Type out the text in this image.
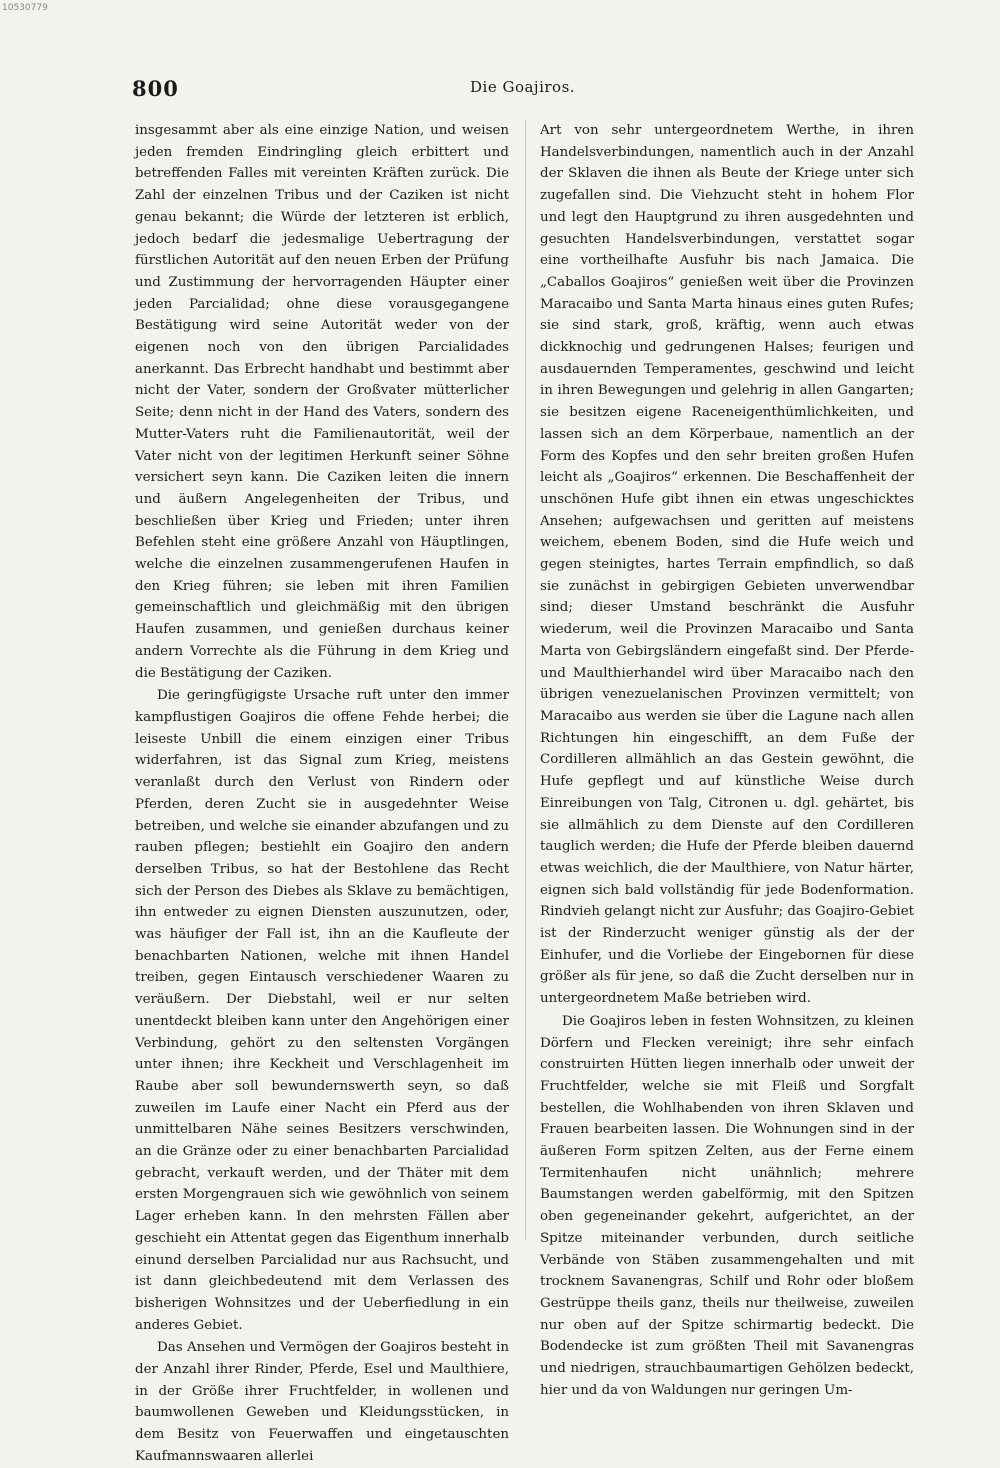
10530779
800	Die Goajiros.

insgesammt aber als eine einzige Nation, und weisen jeden fremden Eindringling gleich erbittert und betreffenden Falles mit vereinten Kräften zurück. Die Zahl der einzelnen Tribus und der Caziken ist nicht genau bekannt; die Würde der letzteren ist erblich, jedoch bedarf die jedesmalige Uebertragung der fürstlichen Autorität auf den neuen Erben der Prüfung und Zustimmung der hervorragenden Häupter einer jeden Parcialidad; ohne diese vorausgegangene Bestätigung wird seine Autorität weder von der eigenen noch von den übrigen Parcialidades anerkannt. Das Erbrecht handhabt und bestimmt aber nicht der Vater, sondern der Großvater mütterlicher Seite; denn nicht in der Hand des Vaters, sondern des Mutter-Vaters ruht die Familienautorität, weil der Vater nicht von der legitimen Herkunft seiner Söhne versichert seyn kann. Die Caziken leiten die innern und äußern Angelegenheiten der Tribus, und beschließen über Krieg und Frieden; unter ihren Befehlen steht eine größere Anzahl von Häuptlingen, welche die einzelnen zusammengerufenen Haufen in den Krieg führen; sie leben mit ihren Familien gemeinschaftlich und gleichmäßig mit den übrigen Haufen zusammen, und genießen durchaus keiner andern Vorrechte als die Führung in dem Krieg und die Bestätigung der Caziken.

Die geringfügigste Ursache ruft unter den immer kampflustigen Goajiros die offene Fehde herbei; die leiseste Unbill die einem einzigen einer Tribus widerfahren, ist das Signal zum Krieg, meistens veranlaßt durch den Verlust von Rindern oder Pferden, deren Zucht sie in ausgedehnter Weise betreiben, und welche sie einander abzufangen und zu rauben pflegen; bestiehlt ein Goajiro den andern derselben Tribus, so hat der Bestohlene das Recht sich der Person des Diebes als Sklave zu bemächtigen, ihn entweder zu eignen Diensten auszunutzen, oder, was häufiger der Fall ist, ihn an die Kaufleute der benachbarten Nationen, welche mit ihnen Handel treiben, gegen Eintausch verschiedener Waaren zu veräußern. Der Diebstahl, weil er nur selten unentdeckt bleiben kann unter den Angehörigen einer Verbindung, gehört zu den seltensten Vorgängen unter ihnen; ihre Keckheit und Verschlagenheit im Raube aber soll bewundernswerth seyn, so daß zuweilen im Laufe einer Nacht ein Pferd aus der unmittelbaren Nähe seines Besitzers verschwinden, an die Gränze oder zu einer benachbarten Parcialidad gebracht, verkauft werden, und der Thäter mit dem ersten Morgengrauen sich wie gewöhnlich von seinem Lager erheben kann. In den mehrsten Fällen aber geschieht ein Attentat gegen das Eigenthum innerhalb einund derselben Parcialidad nur aus Rachsucht, und ist dann gleichbedeutend mit dem Verlassen des bisherigen Wohnsitzes und der Ueberfiedlung in ein anderes Gebiet.

Das Ansehen und Vermögen der Goajiros besteht in der Anzahl ihrer Rinder, Pferde, Esel und Maulthiere, in der Größe ihrer Fruchtfelder, in wollenen und baumwollenen Geweben und Kleidungsstücken, in dem Besitz von Feuerwaffen und eingetauschten Kaufmannswaaren allerlei

Art von sehr untergeordnetem Werthe, in ihren Handelsverbindungen, namentlich auch in der Anzahl der Sklaven die ihnen als Beute der Kriege unter sich zugefallen sind. Die Viehzucht steht in hohem Flor und legt den Hauptgrund zu ihren ausgedehnten und gesuchten Handelsverbindungen, verstattet sogar eine vortheilhafte Ausfuhr bis nach Jamaica. Die „Caballos Goajiros“ genießen weit über die Provinzen Maracaibo und Santa Marta hinaus eines guten Rufes; sie sind stark, groß, kräftig, wenn auch etwas dickknochig und gedrungenen Halses; feurigen und ausdauernden Temperamentes, geschwind und leicht in ihren Bewegungen und gelehrig in allen Gangarten; sie besitzen eigene Raceneigenthümlichkeiten, und lassen sich an dem Körperbaue, namentlich an der Form des Kopfes und den sehr breiten großen Hufen leicht als „Goajiros“ erkennen. Die Beschaffenheit der unschönen Hufe gibt ihnen ein etwas ungeschicktes Ansehen; aufgewachsen und geritten auf meistens weichem, ebenem Boden, sind die Hufe weich und gegen steinigtes, hartes Terrain empfindlich, so daß sie zunächst in gebirgigen Gebieten unverwendbar sind; dieser Umstand beschränkt die Ausfuhr wiederum, weil die Provinzen Maracaibo und Santa Marta von Gebirgsländern eingefaßt sind. Der Pferde- und Maulthierhandel wird über Maracaibo nach den übrigen venezuelanischen Provinzen vermittelt; von Maracaibo aus werden sie über die Lagune nach allen Richtungen hin eingeschifft, an dem Fuße der Cordilleren allmählich an das Gestein gewöhnt, die Hufe gepflegt und auf künstliche Weise durch Einreibungen von Talg, Citronen u. dgl. gehärtet, bis sie allmählich zu dem Dienste auf den Cordilleren tauglich werden; die Hufe der Pferde bleiben dauernd etwas weichlich, die der Maulthiere, von Natur härter, eignen sich bald vollständig für jede Bodenformation. Rindvieh gelangt nicht zur Ausfuhr; das Goajiro-Gebiet ist der Rinderzucht weniger günstig als der der Einhufer, und die Vorliebe der Eingebornen für diese größer als für jene, so daß die Zucht derselben nur in untergeordnetem Maße betrieben wird.

Die Goajiros leben in festen Wohnsitzen, zu kleinen Dörfern und Flecken vereinigt; ihre sehr einfach construirten Hütten liegen innerhalb oder unweit der Fruchtfelder, welche sie mit Fleiß und Sorgfalt bestellen, die Wohlhabenden von ihren Sklaven und Frauen bearbeiten lassen. Die Wohnungen sind in der äußeren Form spitzen Zelten, aus der Ferne einem Termitenhaufen nicht unähnlich; mehrere Baumstangen werden gabelförmig, mit den Spitzen oben gegeneinander gekehrt, aufgerichtet, an der Spitze miteinander verbunden, durch seitliche Verbände von Stäben zusammengehalten und mit trocknem Savanengras, Schilf und Rohr oder bloßem Gestrüppe theils ganz, theils nur theilweise, zuweilen nur oben auf der Spitze schirmartig bedeckt. Die Bodendecke ist zum größten Theil mit Savanengras und niedrigen, strauchbaumartigen Gehölzen bedeckt, hier und da von Waldungen nur geringen Um-
